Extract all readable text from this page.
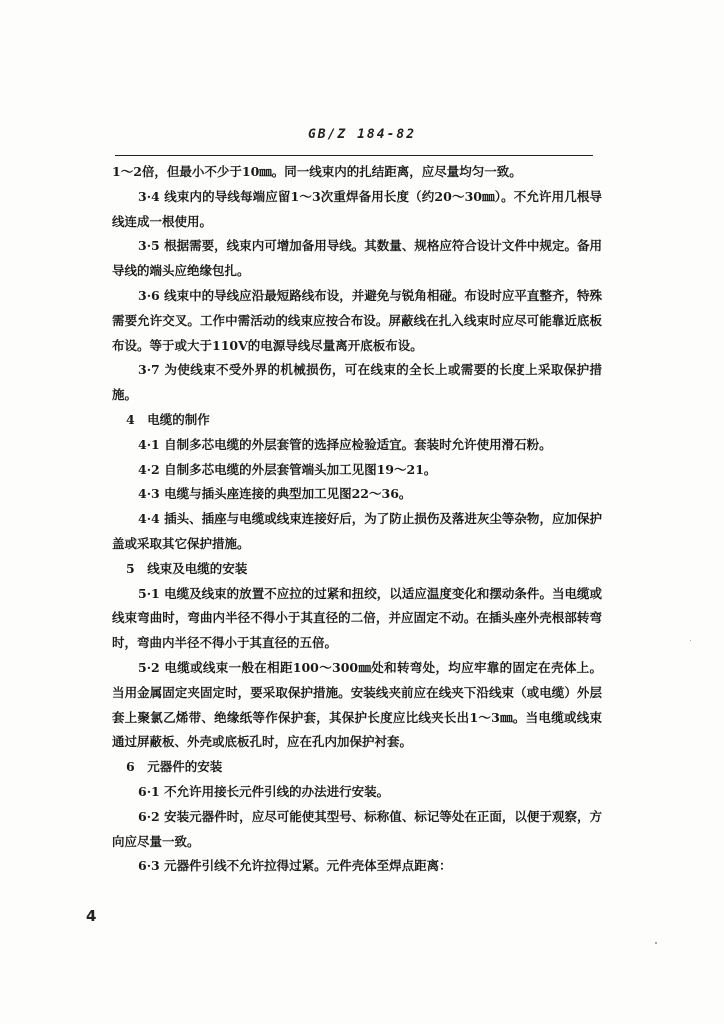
GB/Z 184-82

1～2倍，但最小不少于10㎜。同一线束内的扎结距离，应尽量均匀一致。

3·4 线束内的导线每端应留1～3次重焊备用长度（约20～30㎜）。不允许用几根导线连成一根使用。

3·5 根据需要，线束内可增加备用导线。其数量、规格应符合设计文件中规定。备用导线的端头应绝缘包扎。

3·6 线束中的导线应沿最短路线布设，并避免与锐角相碰。布设时应平直整齐，特殊需要允许交叉。工作中需活动的线束应按合布设。屏蔽线在扎入线束时应尽可能靠近底板布设。等于或大于110V的电源导线尽量离开底板布设。

3·7 为使线束不受外界的机械损伤，可在线束的全长上或需要的长度上采取保护措施。

4　电缆的制作

4·1 自制多芯电缆的外层套管的选择应检验适宜。套装时允许使用滑石粉。

4·2 自制多芯电缆的外层套管端头加工见图19～21。

4·3 电缆与插头座连接的典型加工见图22～36。

4·4 插头、插座与电缆或线束连接好后，为了防止损伤及落进灰尘等杂物，应加保护盖或采取其它保护措施。

5　线束及电缆的安装

5·1 电缆及线束的放置不应拉的过紧和扭绞，以适应温度变化和摆动条件。当电缆或线束弯曲时，弯曲内半径不得小于其直径的二倍，并应固定不动。在插头座外壳根部转弯时，弯曲内半径不得小于其直径的五倍。

5·2 电缆或线束一般在相距100～300㎜处和转弯处，均应牢靠的固定在壳体上。当用金属固定夹固定时，要采取保护措施。安装线夹前应在线夹下沿线束（或电缆）外层套上聚氯乙烯带、绝缘纸等作保护套，其保护长度应比线夹长出1～3㎜。当电缆或线束通过屏蔽板、外壳或底板孔时，应在孔内加保护衬套。

6　元器件的安装

6·1 不允许用接长元件引线的办法进行安装。

6·2 安装元器件时，应尽可能使其型号、标称值、标记等处在正面，以便于观察，方向应尽量一致。

6·3 元器件引线不允许拉得过紧。元件壳体至焊点距离：

4
